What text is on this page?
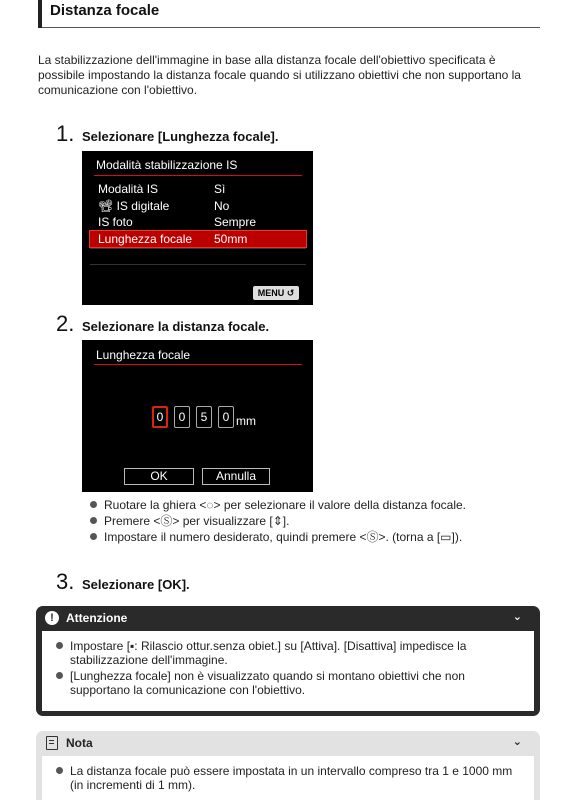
Distanza focale

La stabilizzazione dell'immagine in base alla distanza focale dell'obiettivo specificata è possibile impostando la distanza focale quando si utilizzano obiettivi che non supportano la comunicazione con l'obiettivo.

1. Selezionare [Lunghezza focale].
Modalità stabilizzazione IS
Modalità IS	Sì
📽 IS digitale	No
IS foto	Sempre
Lunghezza focale 50mm
MENU ↺
2. Selezionare la distanza focale.
Lunghezza focale
0	0	5	0 mm
OK	Annulla
Ruotare la ghiera <◌> per selezionare il valore della distanza focale.
Premere <Ⓢ> per visualizzare [⇕].
Impostare il numero desiderato, quindi premere <Ⓢ>. (torna a [▭]).
3. Selezionare [OK].
!	Attenzione	⌄
Impostare [▪: Rilascio ottur.senza obiet.] su [Attiva]. [Disattiva] impedisce la stabilizzazione dell'immagine.
[Lunghezza focale] non è visualizzato quando si montano obiettivi che non supportano la comunicazione con l'obiettivo.
Nota	⌄
La distanza focale può essere impostata in un intervallo compreso tra 1 e 1000 mm (in incrementi di 1 mm).
